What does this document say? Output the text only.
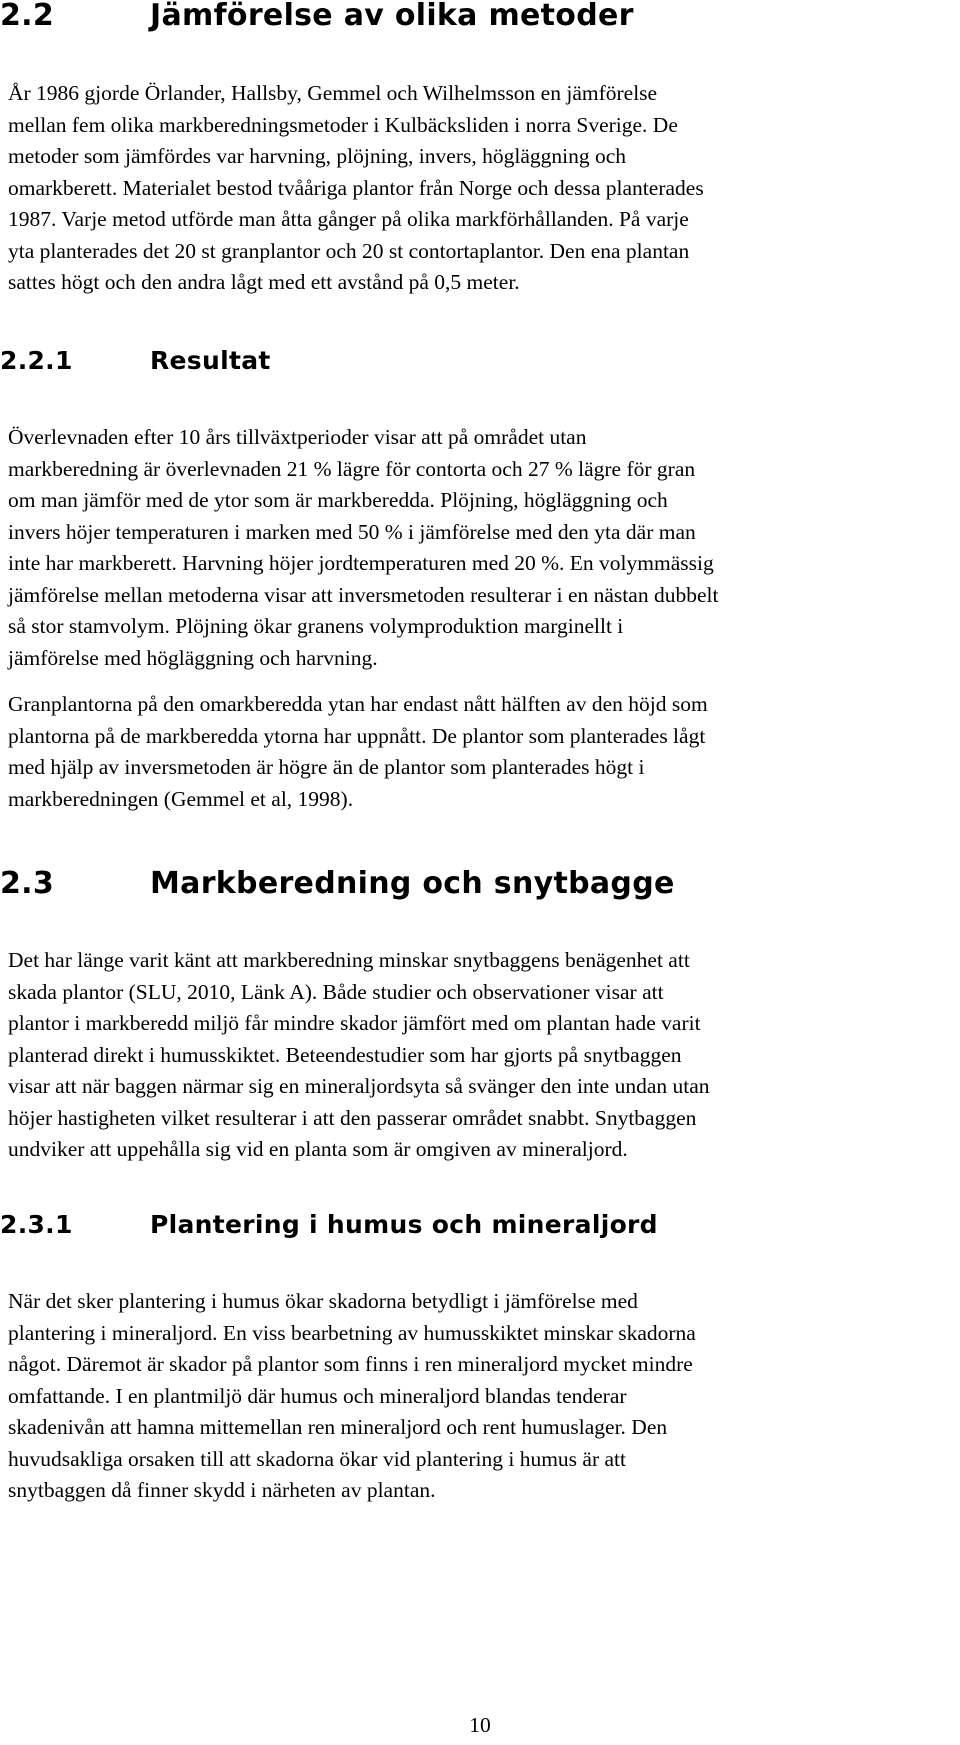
2.2	Jämförelse av olika metoder
År 1986 gjorde Örlander, Hallsby, Gemmel och Wilhelmsson en jämförelse
mellan fem olika markberedningsmetoder i Kulbäcksliden i norra Sverige. De
metoder som jämfördes var harvning, plöjning, invers, högläggning och
omarkberett. Materialet bestod tvååriga plantor från Norge och dessa planterades
1987. Varje metod utförde man åtta gånger på olika markförhållanden. På varje
yta planterades det 20 st granplantor och 20 st contortaplantor. Den ena plantan
sattes högt och den andra lågt med ett avstånd på 0,5 meter.
2.2.1	Resultat
Överlevnaden efter 10 års tillväxtperioder visar att på området utan
markberedning är överlevnaden 21 % lägre för contorta och 27 % lägre för gran
om man jämför med de ytor som är markberedda. Plöjning, högläggning och
invers höjer temperaturen i marken med 50 % i jämförelse med den yta där man
inte har markberett. Harvning höjer jordtemperaturen med 20 %. En volymmässig
jämförelse mellan metoderna visar att inversmetoden resulterar i en nästan dubbelt
så stor stamvolym. Plöjning ökar granens volymproduktion marginellt i
jämförelse med högläggning och harvning.
Granplantorna på den omarkberedda ytan har endast nått hälften av den höjd som
plantorna på de markberedda ytorna har uppnått. De plantor som planterades lågt
med hjälp av inversmetoden är högre än de plantor som planterades högt i
markberedningen (Gemmel et al, 1998).
2.3	Markberedning och snytbagge
Det har länge varit känt att markberedning minskar snytbaggens benägenhet att
skada plantor (SLU, 2010, Länk A). Både studier och observationer visar att
plantor i markberedd miljö får mindre skador jämfört med om plantan hade varit
planterad direkt i humusskiktet. Beteendestudier som har gjorts på snytbaggen
visar att när baggen närmar sig en mineraljordsyta så svänger den inte undan utan
höjer hastigheten vilket resulterar i att den passerar området snabbt. Snytbaggen
undviker att uppehålla sig vid en planta som är omgiven av mineraljord.
2.3.1	Plantering i humus och mineraljord
När det sker plantering i humus ökar skadorna betydligt i jämförelse med
plantering i mineraljord. En viss bearbetning av humusskiktet minskar skadorna
något. Däremot är skador på plantor som finns i ren mineraljord mycket mindre
omfattande. I en plantmiljö där humus och mineraljord blandas tenderar
skadenivån att hamna mittemellan ren mineraljord och rent humuslager. Den
huvudsakliga orsaken till att skadorna ökar vid plantering i humus är att
snytbaggen då finner skydd i närheten av plantan.

10
